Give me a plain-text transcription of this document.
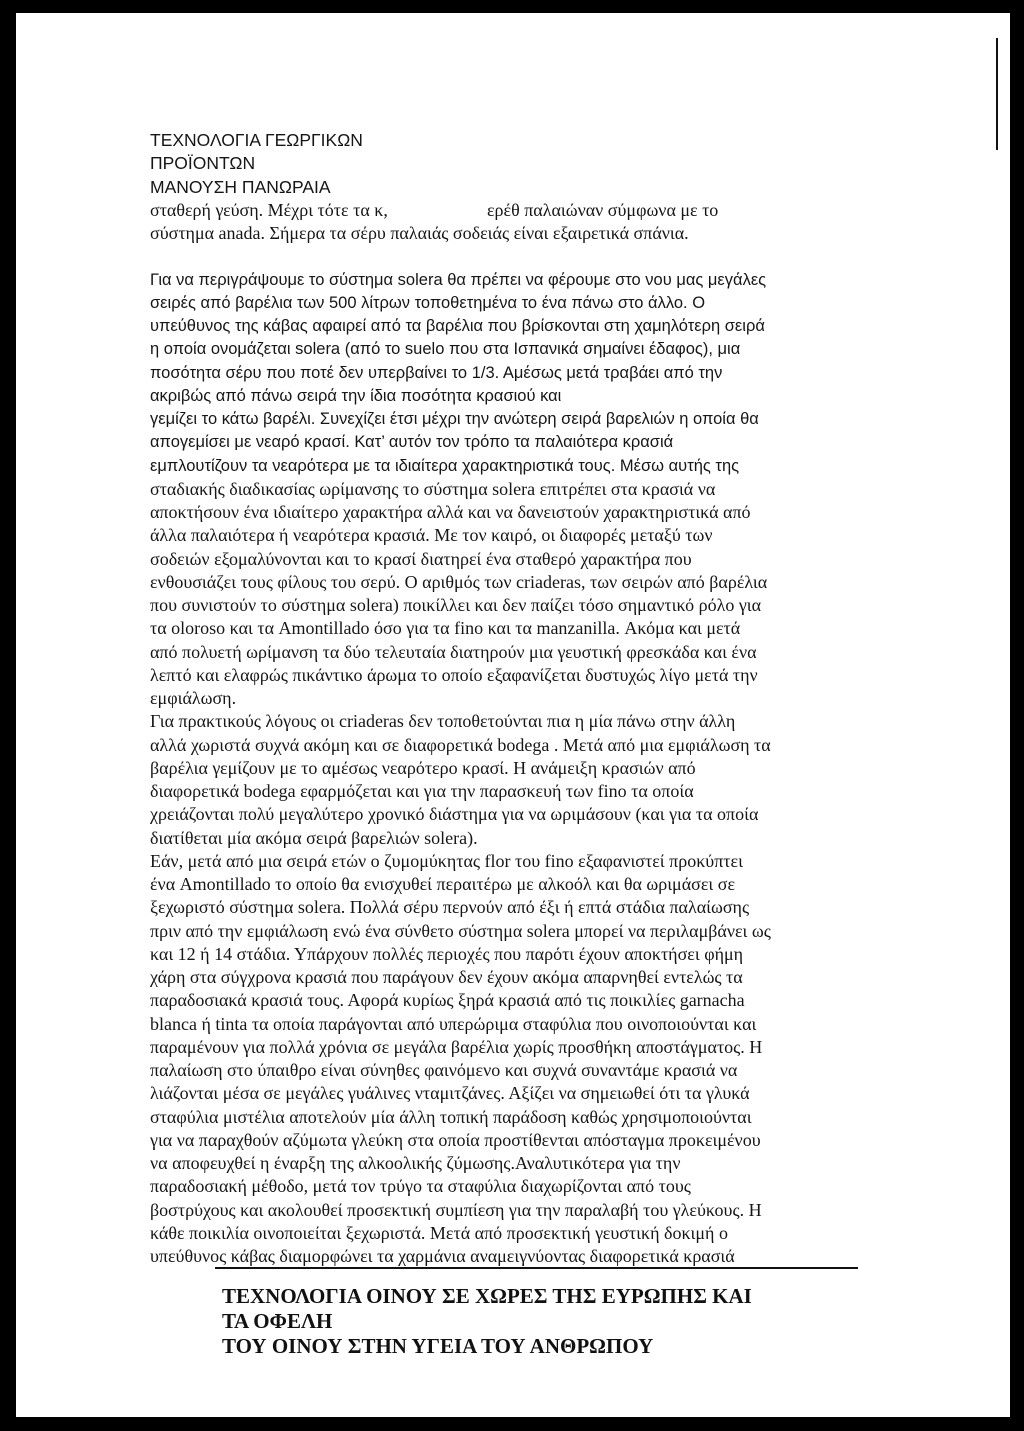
ΤΕΧΝΟΛΟΓΙΑ ΓΕΩΡΓΙΚΩΝ
ΠΡΟΪΟΝΤΩΝ
ΜΑΝΟΥΣΗ ΠΑΝΩΡΑΙΑ
σταθερή γεύση. Μέχρι τότε τα κ,	ερέθ παλαιώναν σύμφωνα με το
σύστημα anada. Σήμερα τα σέρυ παλαιάς σοδειάς είναι εξαιρετικά σπάνια.
Για να περιγράψουμε το σύστημα solera θα πρέπει να φέρουμε στο νου μας μεγάλες
σειρές από βαρέλια των 500 λίτρων τοποθετημένα το ένα πάνω στο άλλο. Ο
υπεύθυνος της κάβας αφαιρεί από τα βαρέλια που βρίσκονται στη χαμηλότερη σειρά
η οποία ονομάζεται solera (από το suelo που στα Ισπανικά σημαίνει έδαφος), μια
ποσότητα σέρυ που ποτέ δεν υπερβαίνει το 1/3. Αμέσως μετά τραβάει από την
ακριβώς από πάνω σειρά την ίδια ποσότητα κρασιού και
γεμίζει το κάτω βαρέλι. Συνεχίζει έτσι μέχρι την ανώτερη σειρά βαρελιών η οποία θα
απογεμίσει με νεαρό κρασί. Κατ’ αυτόν τον τρόπο τα παλαιότερα κρασιά
εμπλουτίζουν τα νεαρότερα με τα ιδιαίτερα χαρακτηριστικά τους. Μέσω αυτής της
σταδιακής διαδικασίας ωρίμανσης το σύστημα solera επιτρέπει στα κρασιά να
αποκτήσουν ένα ιδιαίτερο χαρακτήρα αλλά και να δανειστούν χαρακτηριστικά από
άλλα παλαιότερα ή νεαρότερα κρασιά. Με τον καιρό, οι διαφορές μεταξύ των
σοδειών εξομαλύνονται και το κρασί διατηρεί ένα σταθερό χαρακτήρα που
ενθουσιάζει τους φίλους του σερύ. Ο αριθμός των criaderas, των σειρών από βαρέλια
που συνιστούν το σύστημα solera) ποικίλλει και δεν παίζει τόσο σημαντικό ρόλο για
τα oloroso και τα Amontillado όσο για τα fino και τα manzanilla. Ακόμα και μετά
από πολυετή ωρίμανση τα δύο τελευταία διατηρούν μια γευστική φρεσκάδα και ένα
λεπτό και ελαφρώς πικάντικο άρωμα το οποίο εξαφανίζεται δυστυχώς λίγο μετά την
εμφιάλωση.
Για πρακτικούς λόγους οι criaderas δεν τοποθετούνται πια η μία πάνω στην άλλη
αλλά χωριστά συχνά ακόμη και σε διαφορετικά bodega . Μετά από μια εμφιάλωση τα
βαρέλια γεμίζουν με το αμέσως νεαρότερο κρασί. Η ανάμειξη κρασιών από
διαφορετικά bodega εφαρμόζεται και για την παρασκευή των fino τα οποία
χρειάζονται πολύ μεγαλύτερο χρονικό διάστημα για να ωριμάσουν (και για τα οποία
διατίθεται μία ακόμα σειρά βαρελιών solera).
Εάν, μετά από μια σειρά ετών ο ζυμομύκητας flor του fino εξαφανιστεί προκύπτει
ένα Amontillado το οποίο θα ενισχυθεί περαιτέρω με αλκοόλ και θα ωριμάσει σε
ξεχωριστό σύστημα solera. Πολλά σέρυ περνούν από έξι ή επτά στάδια παλαίωσης
πριν από την εμφιάλωση ενώ ένα σύνθετο σύστημα solera μπορεί να περιλαμβάνει ως
και 12 ή 14 στάδια. Υπάρχουν πολλές περιοχές που παρότι έχουν αποκτήσει φήμη
χάρη στα σύγχρονα κρασιά που παράγουν δεν έχουν ακόμα απαρνηθεί εντελώς τα
παραδοσιακά κρασιά τους. Αφορά κυρίως ξηρά κρασιά από τις ποικιλίες garnacha
blanca ή tinta τα οποία παράγονται από υπερώριμα σταφύλια που οινοποιούνται και
παραμένουν για πολλά χρόνια σε μεγάλα βαρέλια χωρίς προσθήκη αποστάγματος. Η
παλαίωση στο ύπαιθρο είναι σύνηθες φαινόμενο και συχνά συναντάμε κρασιά να
λιάζονται μέσα σε μεγάλες γυάλινες νταμιτζάνες. Αξίζει να σημειωθεί ότι τα γλυκά
σταφύλια μιστέλια αποτελούν μία άλλη τοπική παράδοση καθώς χρησιμοποιούνται
για να παραχθούν αζύμωτα γλεύκη στα οποία προστίθενται απόσταγμα προκειμένου
να αποφευχθεί η έναρξη της αλκοολικής ζύμωσης.Αναλυτικότερα για την
παραδοσιακή μέθοδο, μετά τον τρύγο τα σταφύλια διαχωρίζονται από τους
βοστρύχους και ακολουθεί προσεκτική συμπίεση για την παραλαβή του γλεύκους. Η
κάθε ποικιλία οινοποιείται ξεχωριστά. Μετά από προσεκτική γευστική δοκιμή ο
υπεύθυνος κάβας διαμορφώνει τα χαρμάνια αναμειγνύοντας διαφορετικά κρασιά
ΤΕΧΝΟΛΟΓΙΑ ΟΙΝΟΥ ΣΕ ΧΩΡΕΣ ΤΗΣ ΕΥΡΩΠΗΣ ΚΑΙ
ΤΑ ΟΦΕΛΗ
ΤΟΥ ΟΙΝΟΥ ΣΤΗΝ ΥΓΕΙΑ ΤΟΥ ΑΝΘΡΩΠΟΥ
